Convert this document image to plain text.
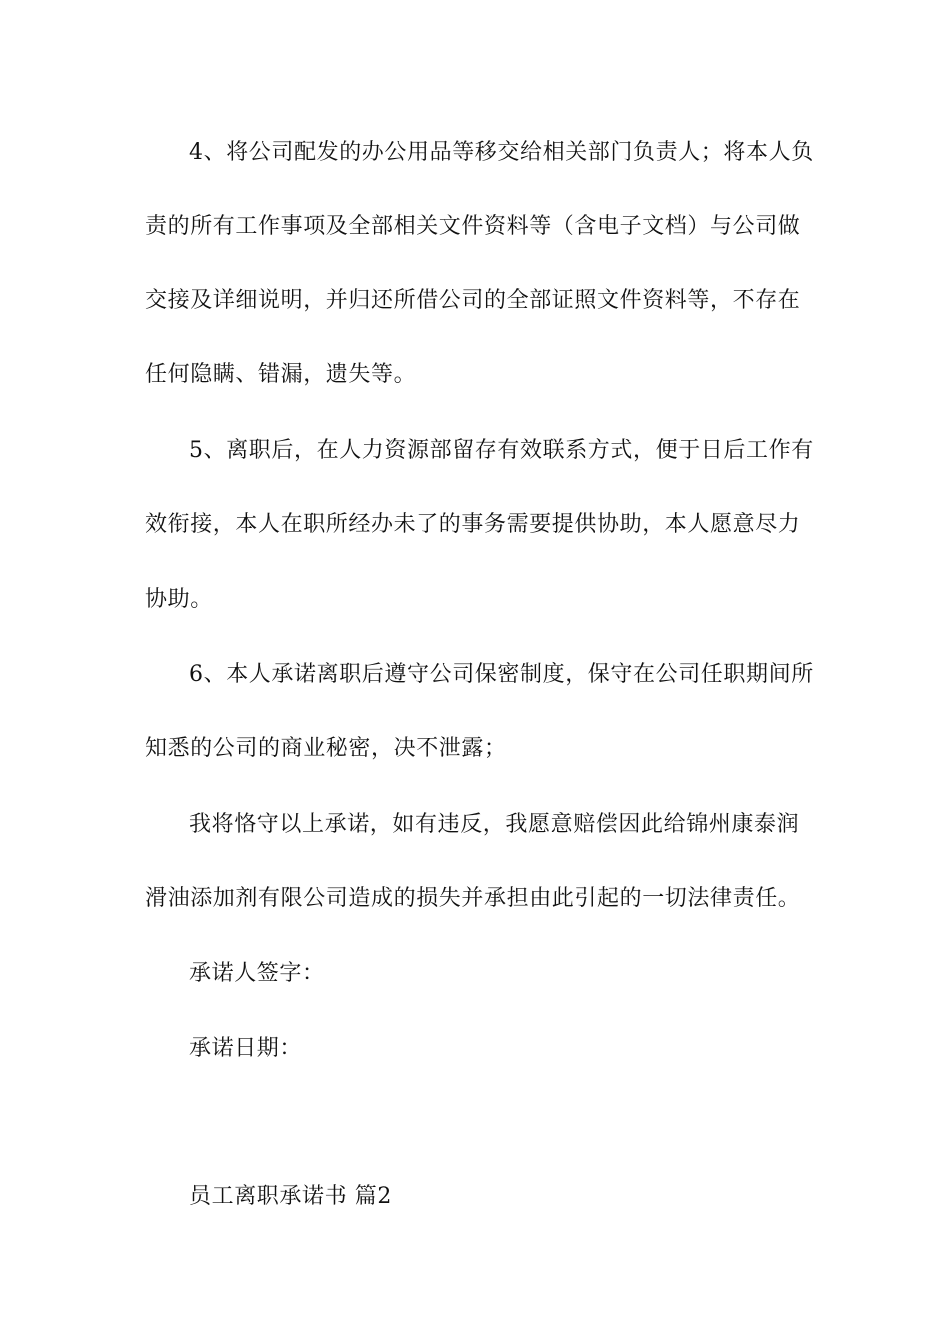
4、将公司配发的办公用品等移交给相关部门负责人；将本人负
责的所有工作事项及全部相关文件资料等（含电子文档）与公司做
交接及详细说明，并归还所借公司的全部证照文件资料等，不存在
任何隐瞒、错漏，遗失等。
5、离职后，在人力资源部留存有效联系方式，便于日后工作有
效衔接，本人在职所经办未了的事务需要提供协助，本人愿意尽力
协助。
6、本人承诺离职后遵守公司保密制度，保守在公司任职期间所
知悉的公司的商业秘密，决不泄露；
我将恪守以上承诺，如有违反，我愿意赔偿因此给锦州康泰润
滑油添加剂有限公司造成的损失并承担由此引起的一切法律责任。
承诺人签字：
承诺日期：
员工离职承诺书 篇2
